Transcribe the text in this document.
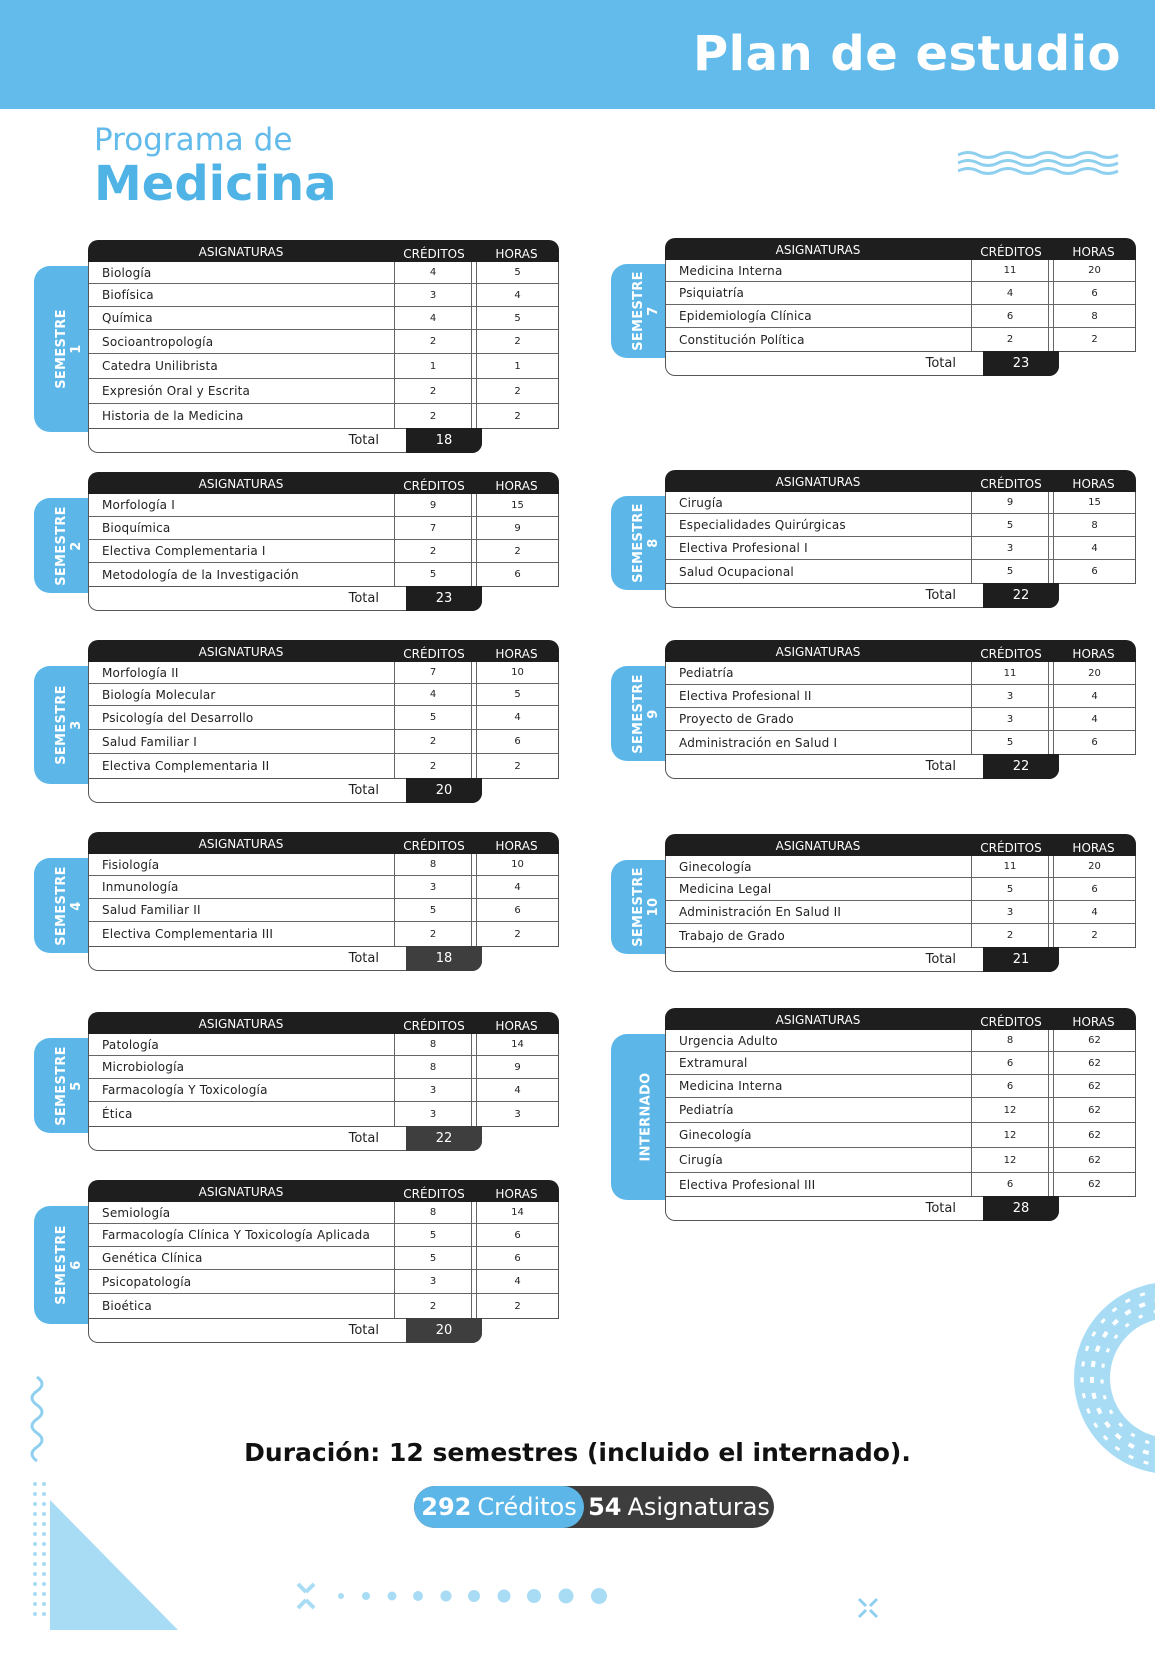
Plan de estudio
Programa de
Medicina
SEMESTRE
1
ASIGNATURAS	CRÉDITOS	HORAS
Biología	4	5
Biofísica	3	4
Química	4	5
Socioantropología	2	2
Catedra Unilibrista	1	1
Expresión Oral y Escrita	2	2
Historia de la Medicina	2	2
Total	18
SEMESTRE
2
ASIGNATURAS	CRÉDITOS	HORAS
Morfología I	9	15
Bioquímica	7	9
Electiva Complementaria I	2	2
Metodología de la Investigación	5	6
Total	23
SEMESTRE
3
ASIGNATURAS	CRÉDITOS	HORAS
Morfología II	7	10
Biología Molecular	4	5
Psicología del Desarrollo	5	4
Salud Familiar I	2	6
Electiva Complementaria II	2	2
Total	20
SEMESTRE
4
ASIGNATURAS	CRÉDITOS	HORAS
Fisiología	8	10
Inmunología	3	4
Salud Familiar II	5	6
Electiva Complementaria III	2	2
Total	18
SEMESTRE
5
ASIGNATURAS	CRÉDITOS	HORAS
Patología	8	14
Microbiología	8	9
Farmacología Y Toxicología	3	4
Ética	3	3
Total	22
SEMESTRE
6
ASIGNATURAS	CRÉDITOS	HORAS
Semiología	8	14
Farmacología Clínica Y Toxicología Aplicada	5	6
Genética Clínica	5	6
Psicopatología	3	4
Bioética	2	2
Total	20
SEMESTRE
7
ASIGNATURAS	CRÉDITOS	HORAS
Medicina Interna	11	20
Psiquiatría	4	6
Epidemiología Clínica	6	8
Constitución Política	2	2
Total	23
SEMESTRE
8
ASIGNATURAS	CRÉDITOS	HORAS
Cirugía	9	15
Especialidades Quirúrgicas	5	8
Electiva Profesional I	3	4
Salud Ocupacional	5	6
Total	22
SEMESTRE
9
ASIGNATURAS	CRÉDITOS	HORAS
Pediatría	11	20
Electiva Profesional II	3	4
Proyecto de Grado	3	4
Administración en Salud I	5	6
Total	22
SEMESTRE
10
ASIGNATURAS	CRÉDITOS	HORAS
Ginecología	11	20
Medicina Legal	5	6
Administración En Salud II	3	4
Trabajo de Grado	2	2
Total	21
INTERNADO
ASIGNATURAS	CRÉDITOS	HORAS
Urgencia Adulto	8	62
Extramural	6	62
Medicina Interna	6	62
Pediatría	12	62
Ginecología	12	62
Cirugía	12	62
Electiva Profesional III	6	62
Total	28
Duración: 12 semestres (incluido el internado).
292 Créditos 54 Asignaturas
